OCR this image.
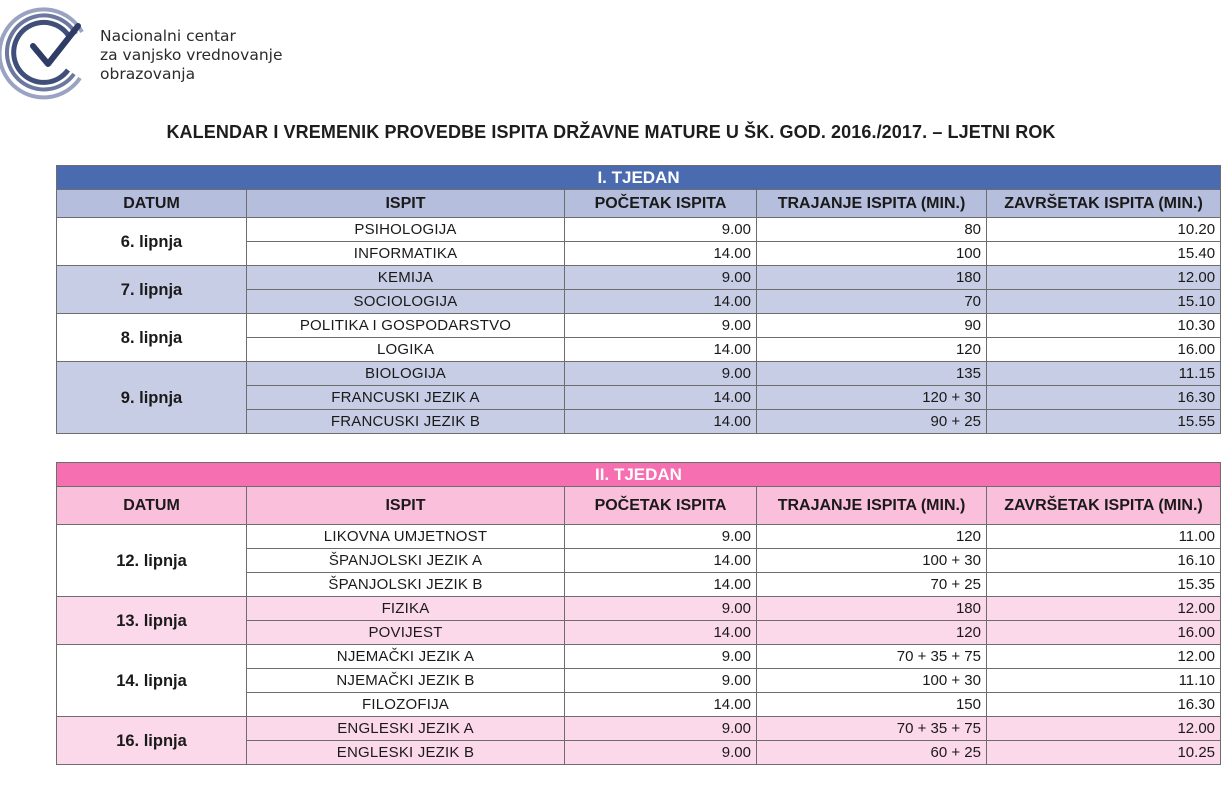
Nacionalni centar
za vanjsko vrednovanje
obrazovanja
KALENDAR I VREMENIK PROVEDBE ISPITA DRŽAVNE MATURE U ŠK. GOD. 2016./2017. – LJETNI ROK
I. TJEDAN				
DATUM	ISPIT	POČETAK ISPITA	TRAJANJE ISPITA (MIN.)	ZAVRŠETAK ISPITA (MIN.)
6. lipnja	PSIHOLOGIJA	9.00	80	10.20
	INFORMATIKA	14.00	100	15.40
7. lipnja	KEMIJA	9.00	180	12.00
	SOCIOLOGIJA	14.00	70	15.10
8. lipnja	POLITIKA I GOSPODARSTVO	9.00	90	10.30
	LOGIKA	14.00	120	16.00
9. lipnja	BIOLOGIJA	9.00	135	11.15
	FRANCUSKI JEZIK A	14.00	120 + 30	16.30
	FRANCUSKI JEZIK B	14.00	90 + 25	15.55
II. TJEDAN				
DATUM	ISPIT	POČETAK ISPITA	TRAJANJE ISPITA (MIN.)	ZAVRŠETAK ISPITA (MIN.)
12. lipnja	LIKOVNA UMJETNOST	9.00	120	11.00
	ŠPANJOLSKI JEZIK A	14.00	100 + 30	16.10
	ŠPANJOLSKI JEZIK B	14.00	70 + 25	15.35
13. lipnja	FIZIKA	9.00	180	12.00
	POVIJEST	14.00	120	16.00
14. lipnja	NJEMAČKI JEZIK A	9.00	70 + 35 + 75	12.00
	NJEMAČKI JEZIK B	9.00	100 + 30	11.10
	FILOZOFIJA	14.00	150	16.30
16. lipnja	ENGLESKI JEZIK A	9.00	70 + 35 + 75	12.00
	ENGLESKI JEZIK B	9.00	60 + 25	10.25
